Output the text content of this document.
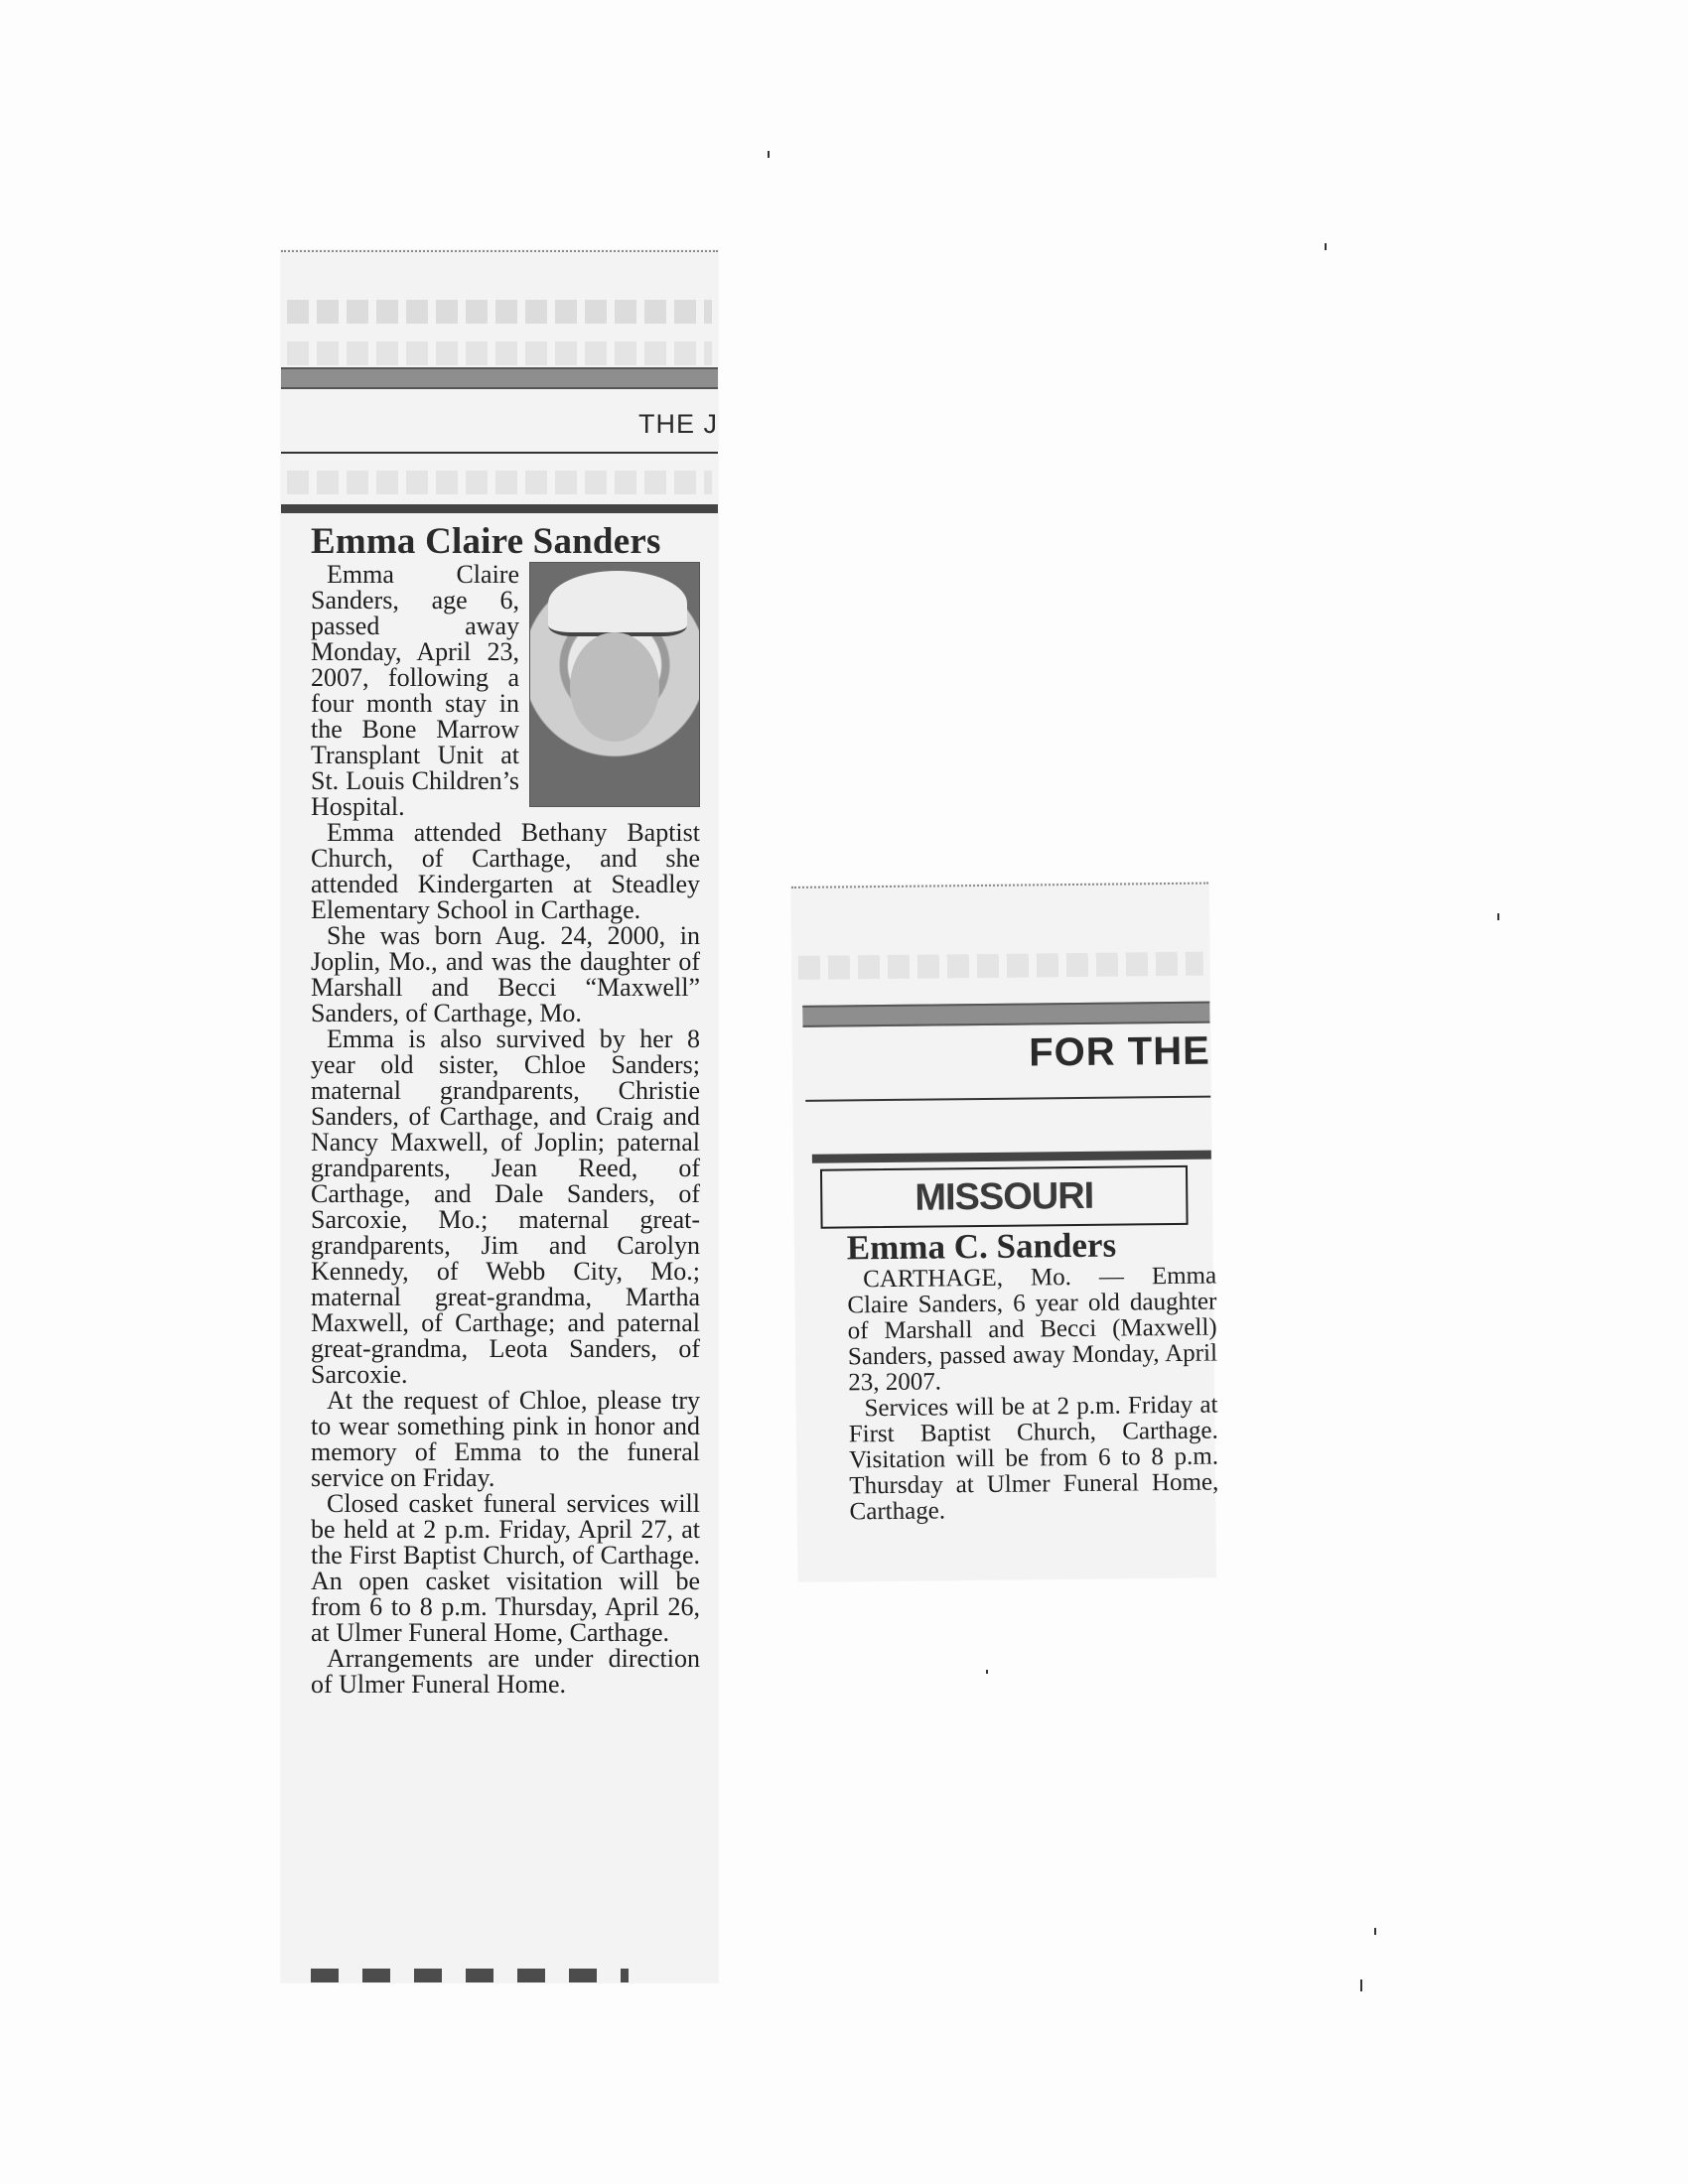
THE J
Emma Claire Sanders

Emma Claire Sanders, age 6, passed away Monday, April 23, 2007, following a four month stay in the Bone Marrow Transplant Unit at St. Louis Children’s Hospital.

Emma attended Bethany Baptist Church, of Carthage, and she attended Kindergarten at Steadley Elementary School in Carthage.

She was born Aug. 24, 2000, in Joplin, Mo., and was the daughter of Marshall and Becci “Maxwell” Sanders, of Carthage, Mo.

Emma is also survived by her 8 year old sister, Chloe Sanders; maternal grandparents, Christie Sanders, of Carthage, and Craig and Nancy Maxwell, of Joplin; paternal grandparents, Jean Reed, of Carthage, and Dale Sanders, of Sarcoxie, Mo.; maternal great-grandparents, Jim and Carolyn Kennedy, of Webb City, Mo.; maternal great-grandma, Martha Maxwell, of Carthage; and paternal great-grandma, Leota Sanders, of Sarcoxie.

At the request of Chloe, please try to wear something pink in honor and memory of Emma to the funeral service on Friday.

Closed casket funeral services will be held at 2 p.m. Friday, April 27, at the First Baptist Church, of Carthage. An open casket visitation will be from 6 to 8 p.m. Thursday, April 26, at Ulmer Funeral Home, Carthage.

Arrangements are under direction of Ulmer Funeral Home.

FOR THE
MISSOURI
Emma C. Sanders

CARTHAGE, Mo. — Emma Claire Sanders, 6 year old daughter of Marshall and Becci (Maxwell) Sanders, passed away Monday, April 23, 2007.

Services will be at 2 p.m. Friday at First Baptist Church, Carthage. Visitation will be from 6 to 8 p.m. Thursday at Ulmer Funeral Home, Carthage.
